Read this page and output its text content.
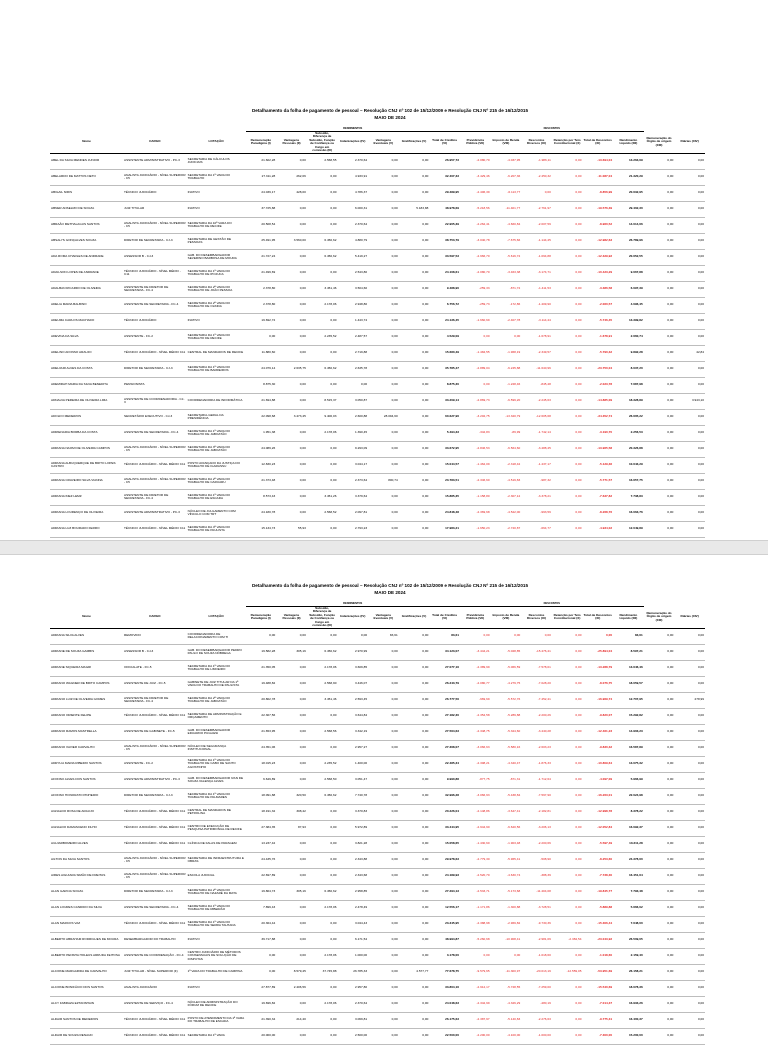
Detalhamento da folha de pagamento de pessoal – Resolução CNJ nº 102 de 15/12/2009 e Resolução CNJ Nº 215 de 16/12/2015
MAIO DE 2024
			RENDIMENTOS							DESCONTOS							
Nome	CARGO	LOTAÇÃO	Remuneração Paradigma (I)	Vantagens Pessoais (II)	Subsídio, Diferença de Subsídio, Função de Confiança ou Cargo em comissão (III)	Indenizações (IV)	Vantagens Eventuais (V)	Gratificações (V)	Total de Créditos (VI)	Previdência Pública (VII)	Imposto de Renda (VIII)	Descontos Diversos (IX)	Retenção por Teto Constitucional (X)	Total de Descontos (XI)	Rendimento Líquido (XII)	Remuneração do Órgão de origem (XIII)	Diárias (XIV)
ABEL DA SILVA MENDES JUNIOR	ASSISTENTE ADMINISTRATIVO - PC-3	SECRETARIA DE CÁLCULOS JUDICIAIS	21.602,28	0,00	2.568,55	2.370,64	0,00	0,00	26.957,73	-2.080,70	-4.037,95	-1.986,11	0,00	-13.694,04	13.263,69	0,00	0,00
ABELARDO DE MATTOS NETO	ANALISTA JUDICIÁRIO - NÍVEL SUPERIOR - C5	SECRETARIA DA 1ª VARA DO TRABALHO	27.311,28	262,06	0,00	4.933,91	0,00	0,00	32.407,33	-3.429,46	-6.207,36	-2.450,32	0,00	-11.087,04	21.320,29	0,00	0,00
ABIGAIL NIRIS	TÉCNICO JUDICIÁRIO	INATIVO	24.039,17	428,00	0,00	4.786,37	0,00	0,00	29.489,95	-2.406,39	-6.113,77	0,00	0,00	-8.856,99	20.632,95	0,00	0,00
ABNER ANSELMO DE SOUZA	JUIZ TITULAR	INATIVO	37.725,88	0,00	0,00	6.000,31	0,00	5.183,88	48.978,69	-5.218,56	-11.401,77	-2.761,97	0,00	-19.576,39	29.402,30	0,00	0,00
ABRAÃO METHALAGUS SANTOS	ANALISTA JUDICIÁRIO - NÍVEL SUPERIOR - C5	SECRETARIA DA 10ª VARA DO TRABALHO DE RECIFE	20.508,54	0,00	0,00	2.370,64	0,00	0,00	22.905,39	-2.262,41	-4.660,84	-2.007,59	0,00	-8.960,52	14.014,66	0,00	0,00
ABSALYS GONÇALVES SOUZA	DIRETOR DE SECRETARIA - CJ-3	SECRETARIA DE GESTÃO DE PESSOAS	25.491,95	3.560,00	6.450,62	4.880,79	0,00	0,00	38.753,79	-3.040,78	-7.675,66	-1.144,45	0,00	-12.982,63	26.789,96	0,00	0,00
ADA ROMA CHARLES DE ANDRADE	ASSESSOR B - CJ-3	GAB. DO DESEMBARGADOR SEVERINO BARBOSA DE MOURA	21.727,24	0,00	6.450,62	5.419,27	0,00	0,00	33.597,53	-2.966,70	-5.616,72	-1.094,88	0,00	-12.329,92	20.652,55	0,00	0,00
ADAILSON LOPES DE ANDRADE	TÉCNICO JUDICIÁRIO - NÍVEL MÉDIO - C11	SECRETARIA DA 1ª VARA DO TRABALHO DE IPOJUCA	21.499,69	0,00	0,00	2.543,80	0,00	0,00	24.108,61	-2.080,70	-3.463,38	-3.174,71	0,00	-10.423,29	9.067,88	0,00	0,00
ADALBAN RICARDO DE OLIVEIRA	ASSISTENTE DE DIRETOR DE SECRETARIA - FC-4	SECRETARIA DA 2ª VARA DO TRABALHO DE JOÃO PESSOA	2.378,80	0,00	3.451,46	3.504,60	0,00	0,00	9.488,90	-259,33	-871,72	-1.411,53	0,00	-3.386,58	6.097,39	0,00	0,00
ADELIA MARIA BALBINO	ASSISTENTE DE SECRETARIA - FC-4	SECRETARIA DA 2ª VARA DO TRABALHO DE OLINDA	2.378,80	0,00	2.178,06	2.948,80	0,00	0,00	6.756,72	-259,73	-172,86	-1.409,90	0,00	-2.060,57	4.096,45	0,00	0,00
ADEUMA CARLOS MACHADO	TÉCNICO JUDICIÁRIO	INATIVO	19.692,72	0,00	0,00	1.443,74	0,00	0,00	24.136,45	-1.660,69	-2.407,78	-3.114,44	0,00	-5.746,45	13.399,82	0,00	0,00
ADEVINA DA SILVA	ASSISTENTE - FC-2	SECRETARIA DA 1ª VARA DO TRABALHO DE RECIFE	0,00	0,00	2.235,52	2.487,57	0,00	0,00	4.529,09	0,00	0,00	-1.678,91	0,00	-1.678,91	2.660,74	0,00	0,00
ADELINO AFONSO ARAUJO	TÉCNICO JUDICIÁRIO - NÍVEL MÉDIO C11	CENTRAL DE MANDADOS DE RECIFE	11.880,60	0,00	0,00	2.719,88	0,00	0,00	15.680,49	-1.484,55	-1.968,19	-2.349,57	0,00	-5.790,32	9.892,28	0,00	42,84
ADELVAIR ALVES DA COSTA	DIRETOR DE SECRETARIA - CJ-3	SECRETARIA DA 1ª VARA DO TRABALHO DE BARREIROS	24.079,14	2.635,75	6.450,62	2.635,78	0,00	0,00	35.785,47	-2.889,04	-6.245,88	-11.640,96	0,00	-23.750,04	8.037,20	0,00	0,00
ADEMIRAH MARIA DA SILVA BENEDITA	PENSIONISTA		8.875,30	0,00	0,00	0,00	0,00	0,00	8.875,30	0,00	-1.228,46	-845,48	0,00	-2.023,78	7.687,98	0,00	0,00
ADNALVA PEREIRA DE OLIVEIRA LIMA	ASSISTENTE DE COORDENADORIA - CJ-3	COORDENADORIA DE INFORMÁTICA	21.694,88	0,00	8.515,37	3.050,87	0,00	0,00	33.209,14	-2.869,73	-6.599,20	-2.245,63	0,00	-14.885,09	18.328,89	0,00	3.943,10
ADOLFO MEDEIROS	SECRETÁRIO EXECUTIVO - CJ-3	SECRETARIA-GERAL DA PRESIDÊNCIA	22.098,68	3.473,45	9.400,03	2.600,88	28.094,60	0,00	60.627,96	-3.202,75	-13.320,79	-12.605,68	0,00	-34.352,74	26.605,22	0,00	0,00
ADRIENAIDA BORBA DA COSTA	ASSISTENTE DE SECRETARIA - FC-4	SECRETARIA DA 1ª VARA DO TRABALHO DE JABOATÃO	1.951,38	0,00	2.178,06	1.390,45	0,00	0,00	5.494,33	-342,83	-89,99	-1.742,14	0,00	-3.190,70	2.256,53	0,00	0,00
ADRIANA NAOMI DE OLIVEIRA CAMPOS	ANALISTA JUDICIÁRIO - NÍVEL SUPERIOR - C5	SECRETARIA DA 3ª VARA DO TRABALHO DE JABOATÃO	24.089,26	0,00	0,00	9.293,09	0,00	0,00	33.672,95	-2.846,53	-6.564,60	-3.488,45	0,00	-13.965,58	20.326,88	0,00	0,00
ADRIANA ALBUQUERQUE DE BRITO LOPES CASTRO	TÉCNICO JUDICIÁRIO - NÍVEL MÉDIO C11	POSTO AVANÇADO DA JUSTIÇA DO TRABALHO DE IGARASSU	12.830,23	0,00	0,00	3.044,17	0,00	0,00	15.044,57	-1.462,09	-2.318,42	-1.437,17	0,00	-5.129,36	10.643,29	0,00	0,00
ADRIANA CRAVEIRO SILVA VIANNA	ANALISTA JUDICIÁRIO - NÍVEL SUPERIOR - C5	SECRETARIA DA 2ª VARA DO TRABALHO DE CARUARU	21.373,48	0,00	0,00	2.373,64	800,74	0,00	23.783,51	-2.346,60	-4.519,83	-987,32	0,00	-5.771,57	16.657,75	0,00	0,00
ADRIANA INEZ LEMZ	ASSISTENTE DE DIRETOR DE SECRETARIA - FC-4	SECRETARIA DA 1ª VARA DO TRABALHO DE ESCADA	8.573,43	0,00	3.451,26	3.379,64	0,00	0,00	15.885,35	-1.158,80	-2.307,12	-3.378,21	0,00	-7.637,82	7.738,83	0,00	0,00
ADRIANA LOURENÇO DE OLIVEIRA	ASSISTENTE ADMINISTRATIVO - PC-3	NÚCLEO DE JULGAMENTO COM VÍNCULO COM TRT	24.180,78	0,00	2.568,52	2.097,81	0,00	0,00	24.848,48	-2.369,68	-4.522,00	-993,59	0,00	-8.268,76	16.063,76	0,00	0,00
ADRIANA LUZ BOURADO FERRO	TÉCNICO JUDICIÁRIO - NÍVEL MÉDIO C11	SECRETARIA DA 4ª VARA DO TRABALHO DE PAULISTA	15.134,73	55,93	0,00	2.793,23	0,00	0,00	17.983,21	-1.650,23	-2.720,87	-664,77	0,00	-4.934,02	12.049,89	0,00	0,00

Detalhamento da folha de pagamento de pessoal – Resolução CNJ nº 102 de 15/12/2009 e Resolução CNJ Nº 215 de 16/12/2015
MAIO DE 2024
			RENDIMENTOS							DESCONTOS							
Nome	CARGO	LOTAÇÃO	Remuneração Paradigma (I)	Vantagens Pessoais (II)	Subsídio, Diferença de Subsídio, Função de Confiança ou Cargo em comissão (III)	Indenizações (IV)	Vantagens Eventuais (V)	Gratificações (V)	Total de Créditos (VI)	Previdência Pública (VII)	Imposto de Renda (VIII)	Descontos Diversos (IX)	Retenção por Teto Constitucional (X)	Total de Descontos (XI)	Rendimento Líquido (XII)	Remuneração do Órgão de origem (XIII)	Diárias (XIV)
ADRIANA SILVA ALVES	REMOVIDO	COORDENADORIA DE RELACIONAMENTO COM TI	0,00	0,00	0,00	0,00	83,61	0,00	83,61	0,00	0,00	0,00	0,00	0,00	83,61	0,00	0,00
ADRIANE DE SOUZA GAMBIS	ASSESSOR B - CJ-3	GAB. DO DESEMBARGADOR PEDRO PAULO DE SOUZA NÓBREGA	19.582,28	305,16	6.450,62	2.970,99	0,00	0,00	34.123,07	-3.444,21	-5.028,85	-15.476,41	0,00	-25.894,04	8.597,21	0,00	0,00
ADRIANE SIQUEIRA MAGRI	OFICIALATE - FC-5	SECRETARIA DA 1ª VARA DO TRABALHO DE LIMOEIRO	21.350,05	0,00	2.178,06	3.609,85	0,00	0,00	27.077,16	-2.389,99	-5.066,59	-7.578,01	0,00	-13.288,79	13.646,46	0,00	0,00
ADRIANO WAGNER DE BRITO CAMPOS	ASSISTENTE DE JUIZ - FC-5	GABINETE DE JUIZ TITULAR DA 1ª VARA DO TRABALHO DE PAULISTA	19.488,82	0,00	2.568,90	3.446,07	0,00	0,00	26.243,79	-2.080,77	-4.279,75	-7.028,20	0,00	-8.076,75	18.059,57	0,00	0,00
ADRIANO LUIZ DE OLIVEIRA GOMES	ASSISTENTE DE DIRETOR DE SECRETARIA - FC-4	SECRETARIA DA 2ª VARA DO TRABALHO DE JABOATÃO	20.802,78	0,00	3.451,46	2.593,45	0,00	0,00	26.777,56	-969,69	-5.572,76	-7.452,41	0,00	-16.969,74	12.707,95	0,00	278,99
ADRIANO ORIENTE FELIPE	TÉCNICO JUDICIÁRIO - NÍVEL MÉDIO C11	SECRETARIA DE ADMINISTRAÇÃO E ORÇAMENTO	22.307,56	0,00	0,00	3.644,84	0,00	0,00	27.182,30	-2.354,58	-5.289,88	-2.200,26	0,00	-9.820,07	15.292,82	0,00	0,00
ADRIANO RAMOS MASTRELLA	ASSISTENTE DE GABINETE - FC-5	GAB. DO DESEMBARGADOR EDUARDO PUGLIESI	21.653,95	0,00	2.568,56	3.342,19	0,00	0,00	27.564,63	-2.348,75	-5.324,60	-3.440,28	0,00	-12.461,23	14.903,23	0,00	0,00
ADRIANO XAVIER CARVALHO	ANALISTA JUDICIÁRIO - NÍVEL SUPERIOR - C5	NÚCLEO DE SEGURANÇA INSTITUCIONAL	24.351,06	0,00	0,00	2.957,27	0,00	0,00	27.368,07	-3.066,63	-5.580,16	-2.603,23	0,00	-9.830,32	16.587,89	0,00	0,00
ADRYLIA MARIA RIBEIRO SANTOS	ASSISTENTE - FC-2	SECRETARIA DA 1ª VARA DO TRABALHO DE CABO DE SANTO AGOSTINHO	18.015,23	0,00	2.235,52	1.400,00	0,00	0,00	22.485,34	-2.308,21	-4.340,47	-1.876,33	0,00	-10.809,64	13.075,32	0,00	0,00
AFONSO ALVES DOS SANTOS	ASSISTENTE ADMINISTRATIVO - PC-3	GAB. DO DESEMBARGADOR IVAN DE SOUZA VALENÇA ALVES	6.649,89	0,00	2.568,50	3.051,47	0,00	0,00	9.990,88	-877,75	-871,31	-1.712,64	0,00	-4.097,09	5.966,99	0,00	0,00
AFONSO HONORATO PINHEIRO	DIRETOR DE SECRETARIA - CJ-3	SECRETARIA DA 1ª VARA DO TRABALHO DE PALMARES	18.091,88	320,50	6.450,62	7.740,78	0,00	0,00	32.996,28	-3.066,93	-5.438,84	-7.597,90	0,00	-16.263,01	22.024,98	0,00	0,00
AGNALDO ROSA DE ARAUJO	TÉCNICO JUDICIÁRIO - NÍVEL MÉDIO C11	CENTRAL DE MANDADOS DE PETROLINA	18.191,32	308,42	0,00	3.370,83	0,00	0,00	20.226,04	-2.148,86	-3.647,41	-2.182,81	0,00	-12.998,78	8.378,22	0,00	0,00
AGNALDO DAMASCENO FILHO	TÉCNICO JUDICIÁRIO - NÍVEL MÉDIO C11	CENTRO DE EXECUÇÃO DE PESQUISA PATRIMONIAL DE RECIFE	27.384,35	87,93	0,00	5.972,89	0,00	0,00	33.444,95	-2.944,90	-6.620,56	-3.206,13	0,00	-12.052,84	16.092,37	0,00	0,00
AGUIARBOMEIRO ALVES	TÉCNICO JUDICIÁRIO - NÍVEL MÉDIO C11	CLÍNICA DE FALAS DE PARAGEM	13.237,42	0,00	0,00	3.821,28	0,00	0,00	15.058,65	-1.430,60	-1.903,48	-2.200,66	0,00	-5.597,49	10.311,28	0,00	0,00
AILTON DA SILVA SANTOS	ANALISTA JUDICIÁRIO - NÍVEL SUPERIOR - C5	SECRETARIA DE INFRAESTRUTURA E OBRAS	24.435,76	0,00	0,00	2.343,88	0,00	0,00	29.978,63	-2.779,30	-5.965,41	-508,90	0,00	-8.253,60	24.378,60	0,00	0,00
AIRES AIGUIARA SIMÃO DE FREITAS	ANALISTA JUDICIÁRIO - NÍVEL SUPERIOR - C5	ESCOLA JUDICIAL	22.697,89	0,00	0,00	2.343,68	0,00	0,00	24.189,93	-2.520,70	-4.630,74	-388,39	0,00	-7.738,30	16.451,64	0,00	0,00
ALAN GARCIA SOUZA	DIRETOR DE SECRETARIA - CJ-3	SECRETARIA DA 2ª VARA DO TRABALHO DE NAZARÉ DA MATA	19.804,73	305,16	6.450,62	2.958,85	0,00	0,00	27.294,13	-2.533,71	-5.173,68	-11.404,08	0,00	-19.845,77	7.793,48	0,00	0,00
ALAN LOURES CANDIDO DA SILVA	ASSISTENTE DE SECRETARIA - FC-4	SECRETARIA DA 1ª VARA DO TRABALHO DE RIBEIRÃO	7.899,43	0,00	2.178,06	2.478,49	0,00	0,00	12.556,17	-1.171,86	-1.300,88	-3.728,51	0,00	-5.889,88	5.666,02	0,00	0,00
ALAN MARCOS VAZ	TÉCNICO JUDICIÁRIO - NÍVEL MÉDIO C11	SECRETARIA DA 1ª VARA DO TRABALHO DE SERRA TALHADA	20.364,44	0,00	0,00	3.044,43	0,00	0,00	23.345,95	-2.388,98	-2.969,82	-9.730,36	0,00	-15.306,44	7.648,00	0,00	0,00
ALBERTO ABRAHAM RODRIGUES DE MOURA	DESEMBARGADOR DO TRABALHO	INATIVO	39.717,88	0,00	0,00	6.171,54	0,00	0,00	48.994,87	-5.260,68	-10.908,41	-2.981,09	-2.384,54	-23.043,92	26.509,05	0,00	0,00
ALBERTO PENSHA HOLEUS ARRUDA FEITOSA	ASSISTENTE DE COORDENAÇÃO - FC-4	CENTRO JUDICIÁRIO DE MÉTODOS CONSENSUAIS DE SOLUÇÃO DE DISPUTAS	0,00	0,00	2.178,06	1.000,00	0,00	0,00	3.178,00	0,00	0,00	-1.018,60	0,00	-1.018,60	2.159,40	0,00	0,00
ALCIONE MARGARIDA DE CARVALHO	JUIZ TITULAR - NÍVEL SUPERIOR (F)	1ª VARA DO TRABALHO DE CAMPINA	0,00	8.579,45	37.745,88	26.785,33	0,00	4.577,77	77.678,75	-9.579,65	-11.300,97	-20.013,19	-12.559,05	-53.951,69	26.158,21	0,00	0,00
ALCIONE BONIFÁCIO DOS SANTOS	ANALISTA JUDICIÁRIO	INATIVO	27.877,89	2.406,56	0,00	2.957,80	0,00	0,00	33.804,16	-2.912,17	-5.728,55	-7.259,00	0,00	-15.540,69	18.078,36	0,00	0,00
ALCY FABRAZA EZTANSHAIN	ASSISTENTE DE SERVIÇO - FC-4	NÚCLEO DE ADMINISTRAÇÃO DO FÓRUM DE RECIFE	19.696,82	0,00	2.178,06	2.370,64	0,00	0,00	24.048,63	-2.342,99	-4.326,29	-480,19	0,00	-7.014,37	16.933,26	0,00	0,00
ALDAIR SANTOS DE MEDEIROS	TÉCNICO JUDICIÁRIO - NÍVEL MÉDIO C11	POSTO DE ATENDIMENTO DA 1ª VARA DO TRABALHO DE ESCADA	21.390,34	214,40	0,00	3.069,81	0,00	0,00	26.175,63	-2.387,97	-5.140,83	-2.276,63	0,00	-9.775,31	16.400,37	0,00	0,00
ALDAIR DE SOUZA RENAUD	TÉCNICO JUDICIÁRIO - NÍVEL MÉDIO C11	SECRETARIA DA 1ª VARA	20.000,00	0,00	0,00	2.500,00	0,00	0,00	22.500,00	-2.200,00	-4.100,00	-1.000,00	0,00	-7.300,00	15.200,00	0,00	0,00
